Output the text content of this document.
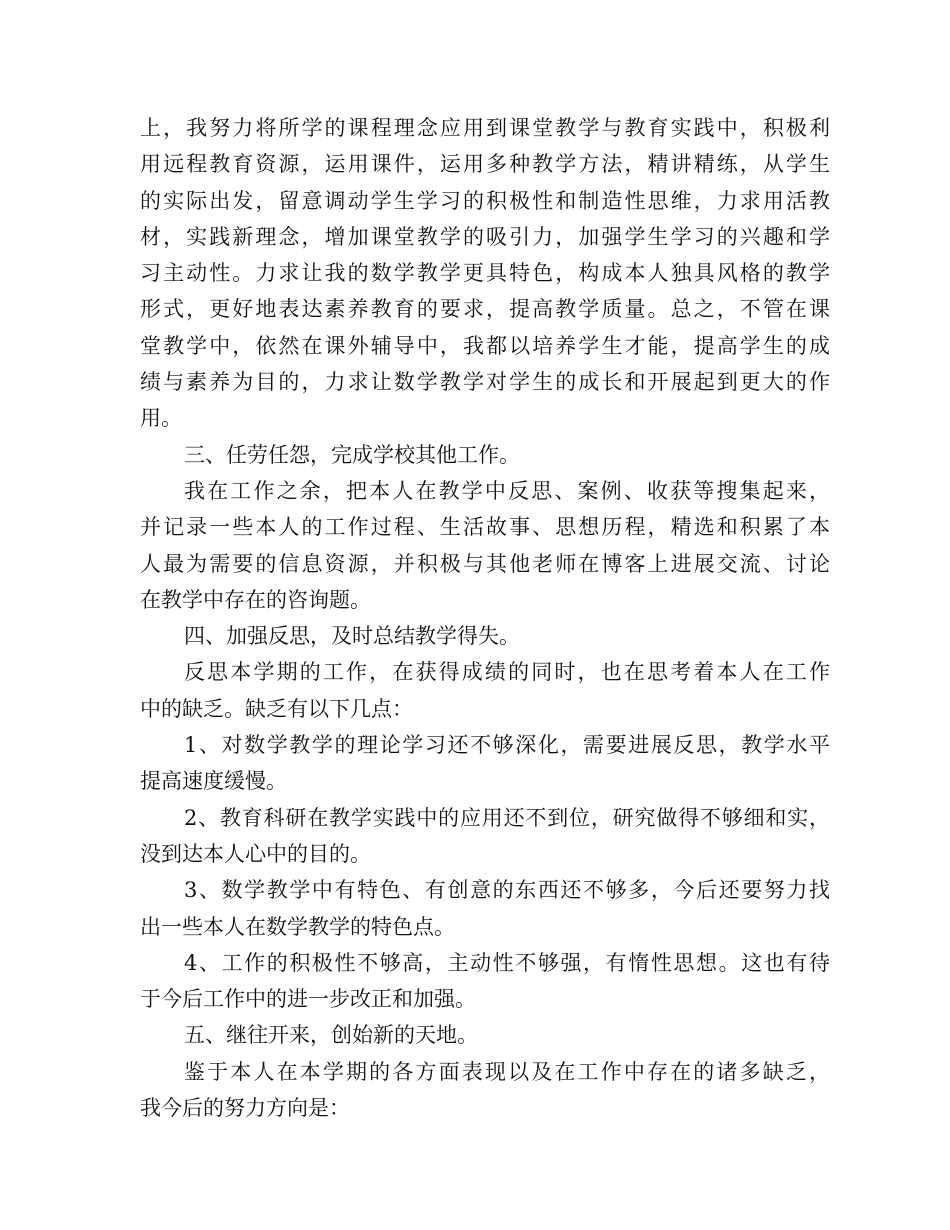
上，我努力将所学的课程理念应用到课堂教学与教育实践中，积极利
用远程教育资源，运用课件，运用多种教学方法，精讲精练，从学生
的实际出发，留意调动学生学习的积极性和制造性思维，力求用活教
材，实践新理念，增加课堂教学的吸引力，加强学生学习的兴趣和学
习主动性。力求让我的数学教学更具特色，构成本人独具风格的教学
形式，更好地表达素养教育的要求，提高教学质量。总之，不管在课
堂教学中，依然在课外辅导中，我都以培养学生才能，提高学生的成
绩与素养为目的，力求让数学教学对学生的成长和开展起到更大的作
用。
三、任劳任怨，完成学校其他工作。
我在工作之余，把本人在教学中反思、案例、收获等搜集起来，
并记录一些本人的工作过程、生活故事、思想历程，精选和积累了本
人最为需要的信息资源，并积极与其他老师在博客上进展交流、讨论
在教学中存在的咨询题。
四、加强反思，及时总结教学得失。
反思本学期的工作，在获得成绩的同时，也在思考着本人在工作
中的缺乏。缺乏有以下几点：
1、对数学教学的理论学习还不够深化，需要进展反思，教学水平
提高速度缓慢。
2、教育科研在教学实践中的应用还不到位，研究做得不够细和实，
没到达本人心中的目的。
3、数学教学中有特色、有创意的东西还不够多，今后还要努力找
出一些本人在数学教学的特色点。
4、工作的积极性不够高，主动性不够强，有惰性思想。这也有待
于今后工作中的进一步改正和加强。
五、继往开来，创始新的天地。
鉴于本人在本学期的各方面表现以及在工作中存在的诸多缺乏，
我今后的努力方向是：
